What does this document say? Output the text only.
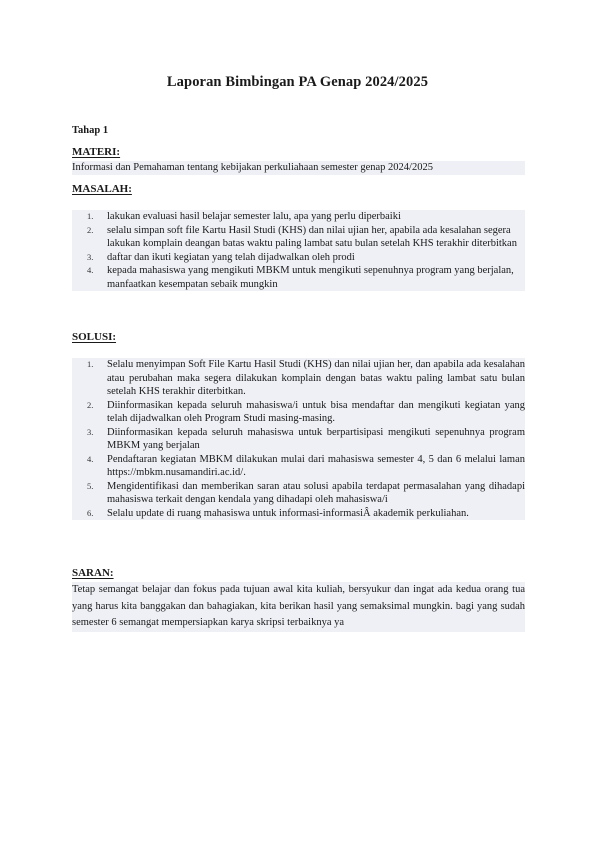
Laporan Bimbingan PA Genap 2024/2025
Tahap 1
MATERI:
Informasi dan Pemahaman tentang kebijakan perkuliahaan semester genap 2024/2025
MASALAH:
1. lakukan evaluasi hasil belajar semester lalu, apa yang perlu diperbaiki
2. selalu simpan soft file Kartu Hasil Studi (KHS) dan nilai ujian her, apabila ada kesalahan segera lakukan komplain deangan batas waktu paling lambat satu bulan setelah KHS terakhir diterbitkan
3. daftar dan ikuti kegiatan yang telah dijadwalkan oleh prodi
4. kepada mahasiswa yang mengikuti MBKM untuk mengikuti sepenuhnya program yang berjalan, manfaatkan kesempatan sebaik mungkin
SOLUSI:
1. Selalu menyimpan Soft File Kartu Hasil Studi (KHS) dan nilai ujian her, dan apabila ada kesalahan atau perubahan maka segera dilakukan komplain dengan batas waktu paling lambat satu bulan setelah KHS terakhir diterbitkan.
2. Diinformasikan kepada seluruh mahasiswa/i untuk bisa mendaftar dan mengikuti kegiatan yang telah dijadwalkan oleh Program Studi masing-masing.
3. Diinformasikan kepada seluruh mahasiswa untuk berpartisipasi mengikuti sepenuhnya program MBKM yang berjalan
4. Pendaftaran kegiatan MBKM dilakukan mulai dari mahasiswa semester 4, 5 dan 6 melalui laman https://mbkm.nusamandiri.ac.id/.
5. Mengidentifikasi dan memberikan saran atau solusi apabila terdapat permasalahan yang dihadapi mahasiswa terkait dengan kendala yang dihadapi oleh mahasiswa/i
6. Selalu update di ruang mahasiswa untuk informasi-informasiÂ akademik perkuliahan.
SARAN:
Tetap semangat belajar dan fokus pada tujuan awal kita kuliah, bersyukur dan ingat ada kedua orang tua yang harus kita banggakan dan bahagiakan, kita berikan hasil yang semaksimal mungkin. bagi yang sudah semester 6 semangat mempersiapkan karya skripsi terbaiknya ya
